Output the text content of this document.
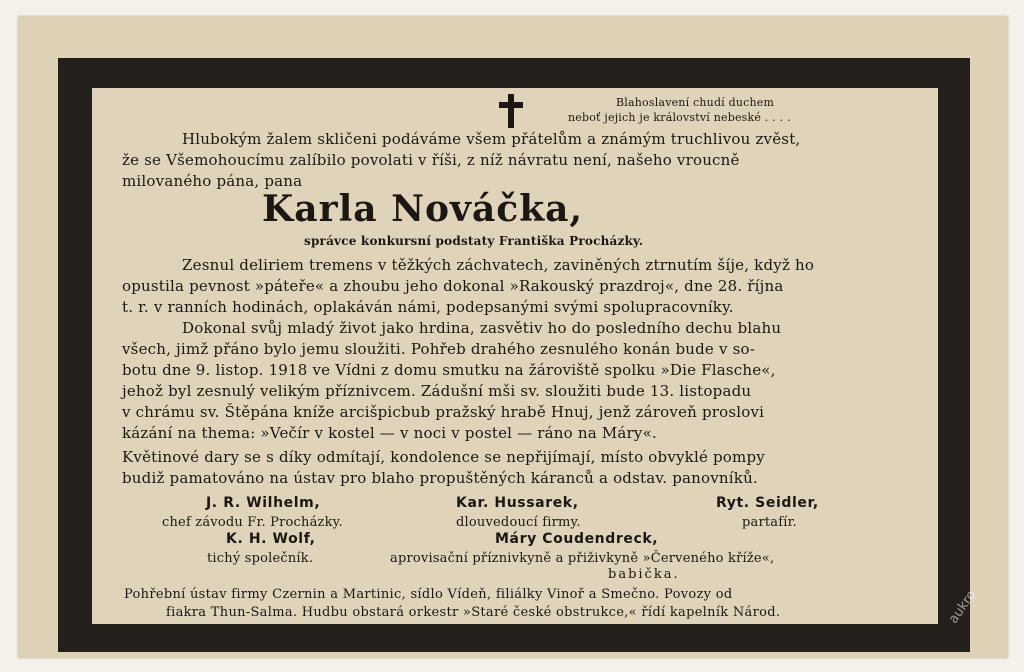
Blahoslavení chudí duchem
neboť jejich je království nebeské . . . .
Hlubokým žalem skličeni podáváme všem přátelům a známým truchlivou zvěst,
že se Všemohoucímu zalíbilo povolati v říši, z níž návratu není, našeho vroucně
milovaného pána, pana
Karla Nováčka,
správce konkursní podstaty Františka Procházky.
Zesnul deliriem tremens v těžkých záchvatech, zaviněných ztrnutím šíje, když ho
opustila pevnost »páteře« a zhoubu jeho dokonal »Rakouský prazdroj«, dne 28. října
t. r. v ranních hodinách, oplakáván námi, podepsanými svými spolupracovníky.
Dokonal svůj mladý život jako hrdina, zasvětiv ho do posledního dechu blahu
všech, jimž přáno bylo jemu sloužiti. Pohřeb drahého zesnulého konán bude v so-
botu dne 9. listop. 1918 ve Vídni z domu smutku na žároviště spolku »Die Flasche«,
jehož byl zesnulý velikým příznivcem. Zádušní mši sv. sloužiti bude 13. listopadu
v chrámu sv. Štěpána kníže arcišpicbub pražský hrabě Hnuj, jenž zároveň proslovi
kázání na thema: »Večír v kostel — v noci v postel — ráno na Máry«.
Květinové dary se s díky odmítají, kondolence se nepřijímají, místo obvyklé pompy
budiž pamatováno na ústav pro blaho propuštěných káranců a odstav. panovníků.
J. R. Wilhelm,
chef závodu Fr. Procházky.
Kar. Hussarek,
dlouvedoucí firmy.
Ryt. Seidler,
partafír.
K. H. Wolf,
tichý společník.
Máry Coudendreck,
aprovisační příznivkyně a přiživkyně »Červeného kříže«,
babička.
Pohřební ústav firmy Czernin a Martinic, sídlo Vídeň, filiálky Vinoř a Smečno. Povozy od
fiakra Thun-Salma. Hudbu obstará orkestr »Staré české obstrukce,« řídí kapelník Národ.	aukro
